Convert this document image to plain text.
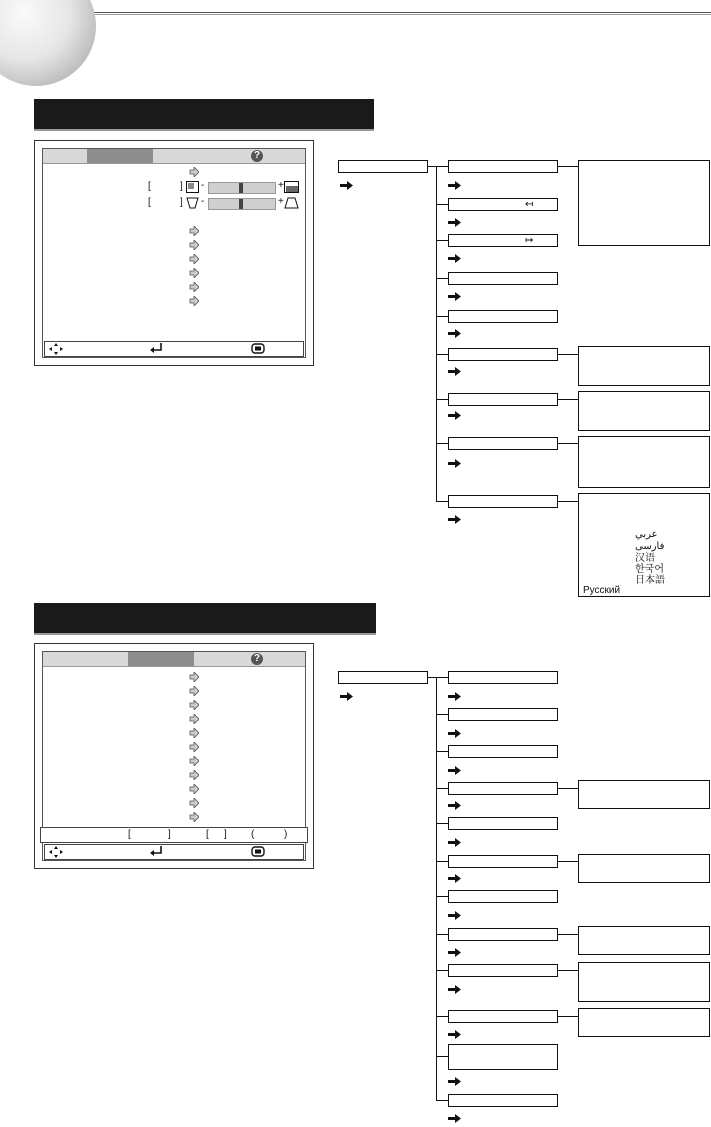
?
[	] -	+
[	] -	+	↤
↦
عربي
فارسی
汉语
한국어
日本語
Русский
?
[	]	[ ] (	)
